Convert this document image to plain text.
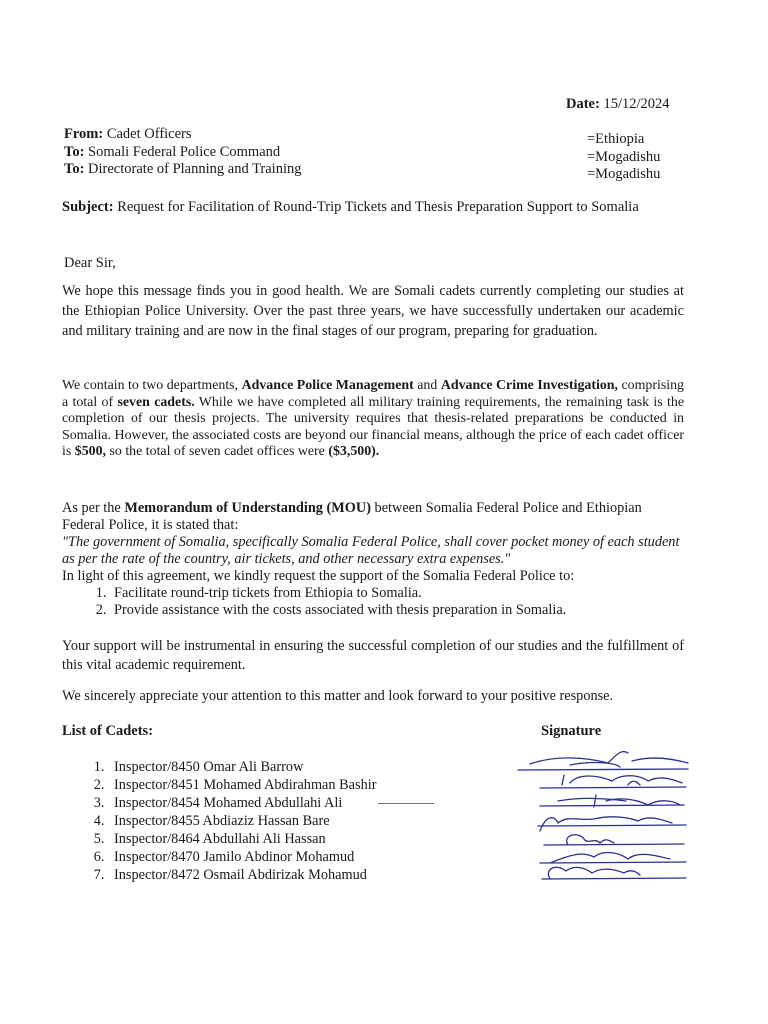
Date: 15/12/2024
From: Cadet Officers
To: Somali Federal Police Command
To: Directorate of Planning and Training
=Ethiopia
=Mogadishu
=Mogadishu
Subject: Request for Facilitation of Round-Trip Tickets and Thesis Preparation Support to Somalia
Dear Sir,
We hope this message finds you in good health. We are Somali cadets currently completing our studies at the Ethiopian Police University. Over the past three years, we have successfully undertaken our academic and military training and are now in the final stages of our program, preparing for graduation.
We contain to two departments, Advance Police Management and Advance Crime Investigation, comprising a total of seven cadets. While we have completed all military training requirements, the remaining task is the completion of our thesis projects. The university requires that thesis-related preparations be conducted in Somalia. However, the associated costs are beyond our financial means, although the price of each cadet officer is $500, so the total of seven cadet offices were ($3,500).
As per the Memorandum of Understanding (MOU) between Somalia Federal Police and Ethiopian Federal Police, it is stated that:
"The government of Somalia, specifically Somalia Federal Police, shall cover pocket money of each student as per the rate of the country, air tickets, and other necessary extra expenses."
In light of this agreement, we kindly request the support of the Somalia Federal Police to:
1. Facilitate round-trip tickets from Ethiopia to Somalia.
2. Provide assistance with the costs associated with thesis preparation in Somalia.
Your support will be instrumental in ensuring the successful completion of our studies and the fulfillment of this vital academic requirement.
We sincerely appreciate your attention to this matter and look forward to your positive response.
List of Cadets:	Signature
1. Inspector/8450 Omar Ali Barrow
2. Inspector/8451 Mohamed Abdirahman Bashir
3. Inspector/8454 Mohamed Abdullahi Ali
4. Inspector/8455 Abdiaziz Hassan Bare
5. Inspector/8464 Abdullahi Ali Hassan
6. Inspector/8470 Jamilo Abdinor Mohamud
7. Inspector/8472 Osmail Abdirizak Mohamud
